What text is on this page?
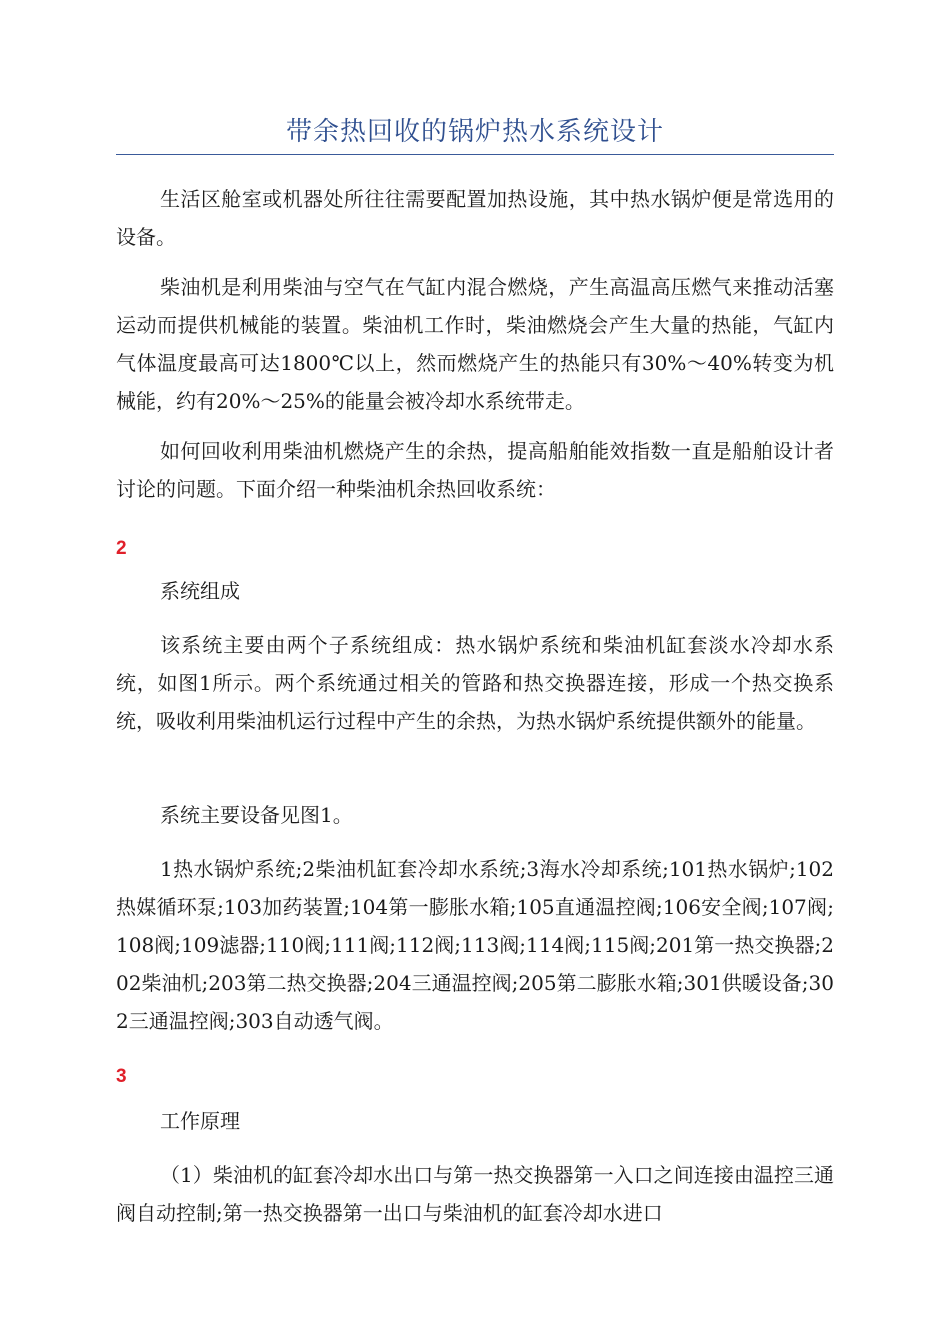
带余热回收的锅炉热水系统设计

生活区舱室或机器处所往往需要配置加热设施，其中热水锅炉便是常选用的设备。

柴油机是利用柴油与空气在气缸内混合燃烧，产生高温高压燃气来推动活塞运动而提供机械能的装置。柴油机工作时，柴油燃烧会产生大量的热能，气缸内气体温度最高可达1800℃以上，然而燃烧产生的热能只有30%～40%转变为机械能，约有20%～25%的能量会被冷却水系统带走。

如何回收利用柴油机燃烧产生的余热，提高船舶能效指数一直是船舶设计者讨论的问题。下面介绍一种柴油机余热回收系统：

2

系统组成

该系统主要由两个子系统组成：热水锅炉系统和柴油机缸套淡水冷却水系统，如图1所示。两个系统通过相关的管路和热交换器连接，形成一个热交换系统，吸收利用柴油机运行过程中产生的余热，为热水锅炉系统提供额外的能量。

系统主要设备见图1。

1热水锅炉系统;2柴油机缸套冷却水系统;3海水冷却系统;101热水锅炉;102热媒循环泵;103加药装置;104第一膨胀水箱;105直通温控阀;106安全阀;107阀;108阀;109滤器;110阀;111阀;112阀;113阀;114阀;115阀;201第一热交换器;202柴油机;203第二热交换器;204三通温控阀;205第二膨胀水箱;301供暖设备;302三通温控阀;303自动透气阀。

3

工作原理

（1）柴油机的缸套冷却水出口与第一热交换器第一入口之间连接由温控三通阀自动控制;第一热交换器第一出口与柴油机的缸套冷却水进口
